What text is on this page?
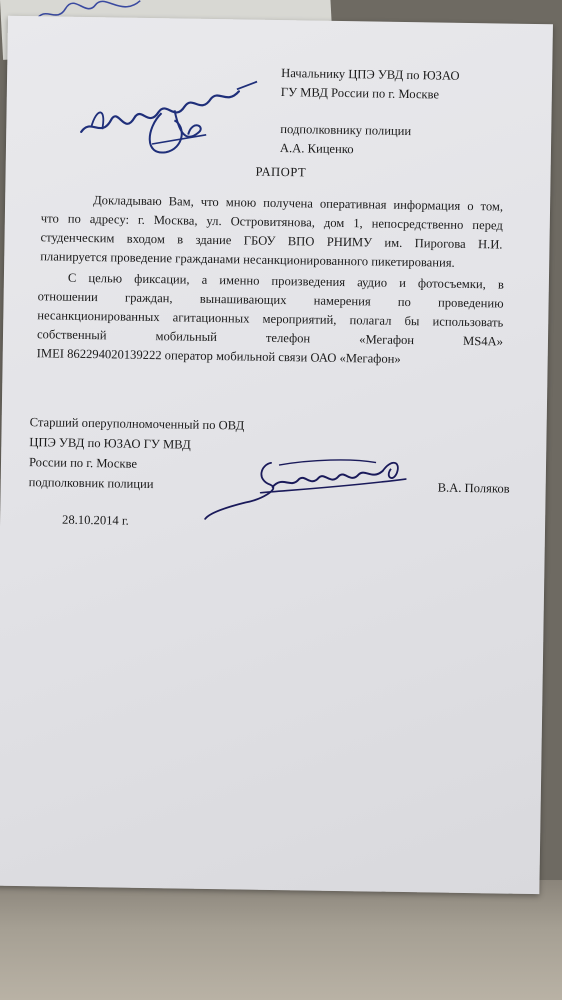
Начальнику ЦПЭ УВД по ЮЗАО
ГУ МВД России по г. Москве
подполковнику полиции
А.А. Киценко
РАПОРТ
Докладываю Вам, что мною получена оперативная информация о том,
что по адресу: г. Москва, ул. Островитянова, дом 1, непосредственно перед
студенческим входом в здание ГБОУ ВПО РНИМУ им. Пирогова Н.И.
планируется проведение гражданами несанкционированного пикетирования.
С целью фиксации, а именно произведения аудио и фотосъемки, в
отношении граждан, вынашивающих намерения по проведению
несанкционированных агитационных мероприятий, полагал бы использовать
собственный мобильный телефон «Мегафон MS4A»
IMEI 862294020139222 оператор мобильной связи ОАО «Мегафон»
Старший оперуполномоченный по ОВД
ЦПЭ УВД по ЮЗАО ГУ МВД
России по г. Москве
подполковник полиции	В.А. Поляков
28.10.2014 г.
